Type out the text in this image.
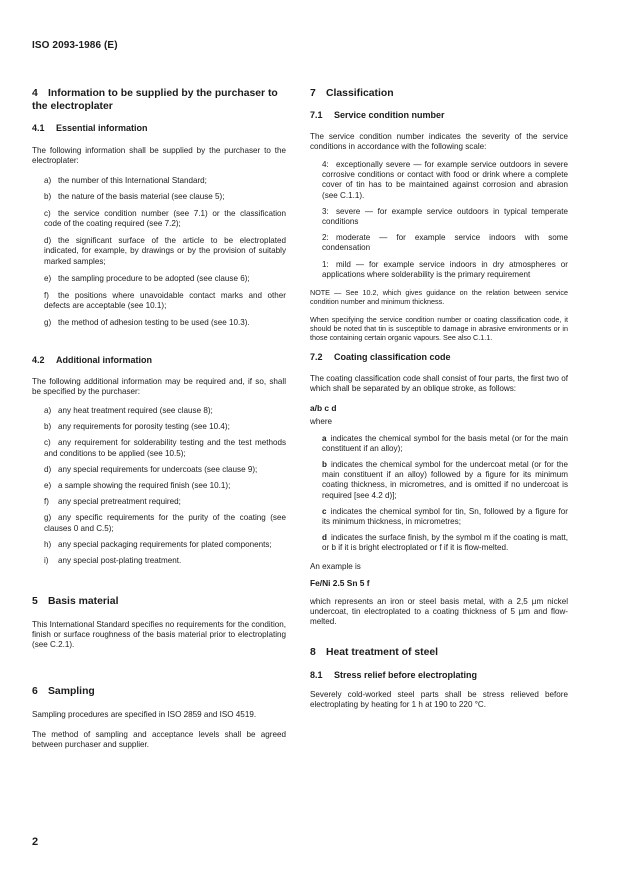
ISO 2093-1986 (E)
4 Information to be supplied by the purchaser to the electroplater
4.1 Essential information

The following information shall be supplied by the purchaser to the electroplater:

a) the number of this International Standard;

b) the nature of the basis material (see clause 5);

c) the service condition number (see 7.1) or the classification code of the coating required (see 7.2);

d) the significant surface of the article to be electroplated indicated, for example, by drawings or by the provision of suitably marked samples;

e) the sampling procedure to be adopted (see clause 6);

f) the positions where unavoidable contact marks and other defects are acceptable (see 10.1);

g) the method of adhesion testing to be used (see 10.3).

4.2 Additional information

The following additional information may be required and, if so, shall be specified by the purchaser:

a) any heat treatment required (see clause 8);

b) any requirements for porosity testing (see 10.4);

c) any requirement for solderability testing and the test methods and conditions to be applied (see 10.5);

d) any special requirements for undercoats (see clause 9);

e) a sample showing the required finish (see 10.1);

f) any special pretreatment required;

g) any specific requirements for the purity of the coating (see clauses 0 and C.5);

h) any special packaging requirements for plated components;

i) any special post-plating treatment.

5 Basis material

This International Standard specifies no requirements for the condition, finish or surface roughness of the basis material prior to electroplating (see C.2.1).

6 Sampling

Sampling procedures are specified in ISO 2859 and ISO 4519.

The method of sampling and acceptance levels shall be agreed between purchaser and supplier.

7 Classification
7.1 Service condition number

The service condition number indicates the severity of the service conditions in accordance with the following scale:

4: exceptionally severe — for example service outdoors in severe corrosive conditions or contact with food or drink where a complete cover of tin has to be maintained against corrosion and abrasion (see C.1.1).

3: severe — for example service outdoors in typical temperate conditions

2: moderate — for example service indoors with some condensation

1: mild — for example service indoors in dry atmospheres or applications where solderability is the primary requirement

NOTE — See 10.2, which gives guidance on the relation between service condition number and minimum thickness.

When specifying the service condition number or coating classification code, it should be noted that tin is susceptible to damage in abrasive environments or in those containing certain organic vapours. See also C.1.1.

7.2 Coating classification code

The coating classification code shall consist of four parts, the first two of which shall be separated by an oblique stroke, as follows:

a/b c d

where

a indicates the chemical symbol for the basis metal (or for the main constituent if an alloy);

b indicates the chemical symbol for the undercoat metal (or for the main constituent if an alloy) followed by a figure for its minimum coating thickness, in micrometres, and is omitted if no undercoat is required [see 4.2 d)];

c indicates the chemical symbol for tin, Sn, followed by a figure for its minimum thickness, in micrometres;

d indicates the surface finish, by the symbol m if the coating is matt, or b if it is bright electroplated or f if it is flow-melted.

An example is

Fe/Ni 2.5 Sn 5 f

which represents an iron or steel basis metal, with a 2,5 µm nickel undercoat, tin electroplated to a coating thickness of 5 µm and flow-melted.

8 Heat treatment of steel
8.1 Stress relief before electroplating

Severely cold-worked steel parts shall be stress relieved before electroplating by heating for 1 h at 190 to 220 °C.

2
